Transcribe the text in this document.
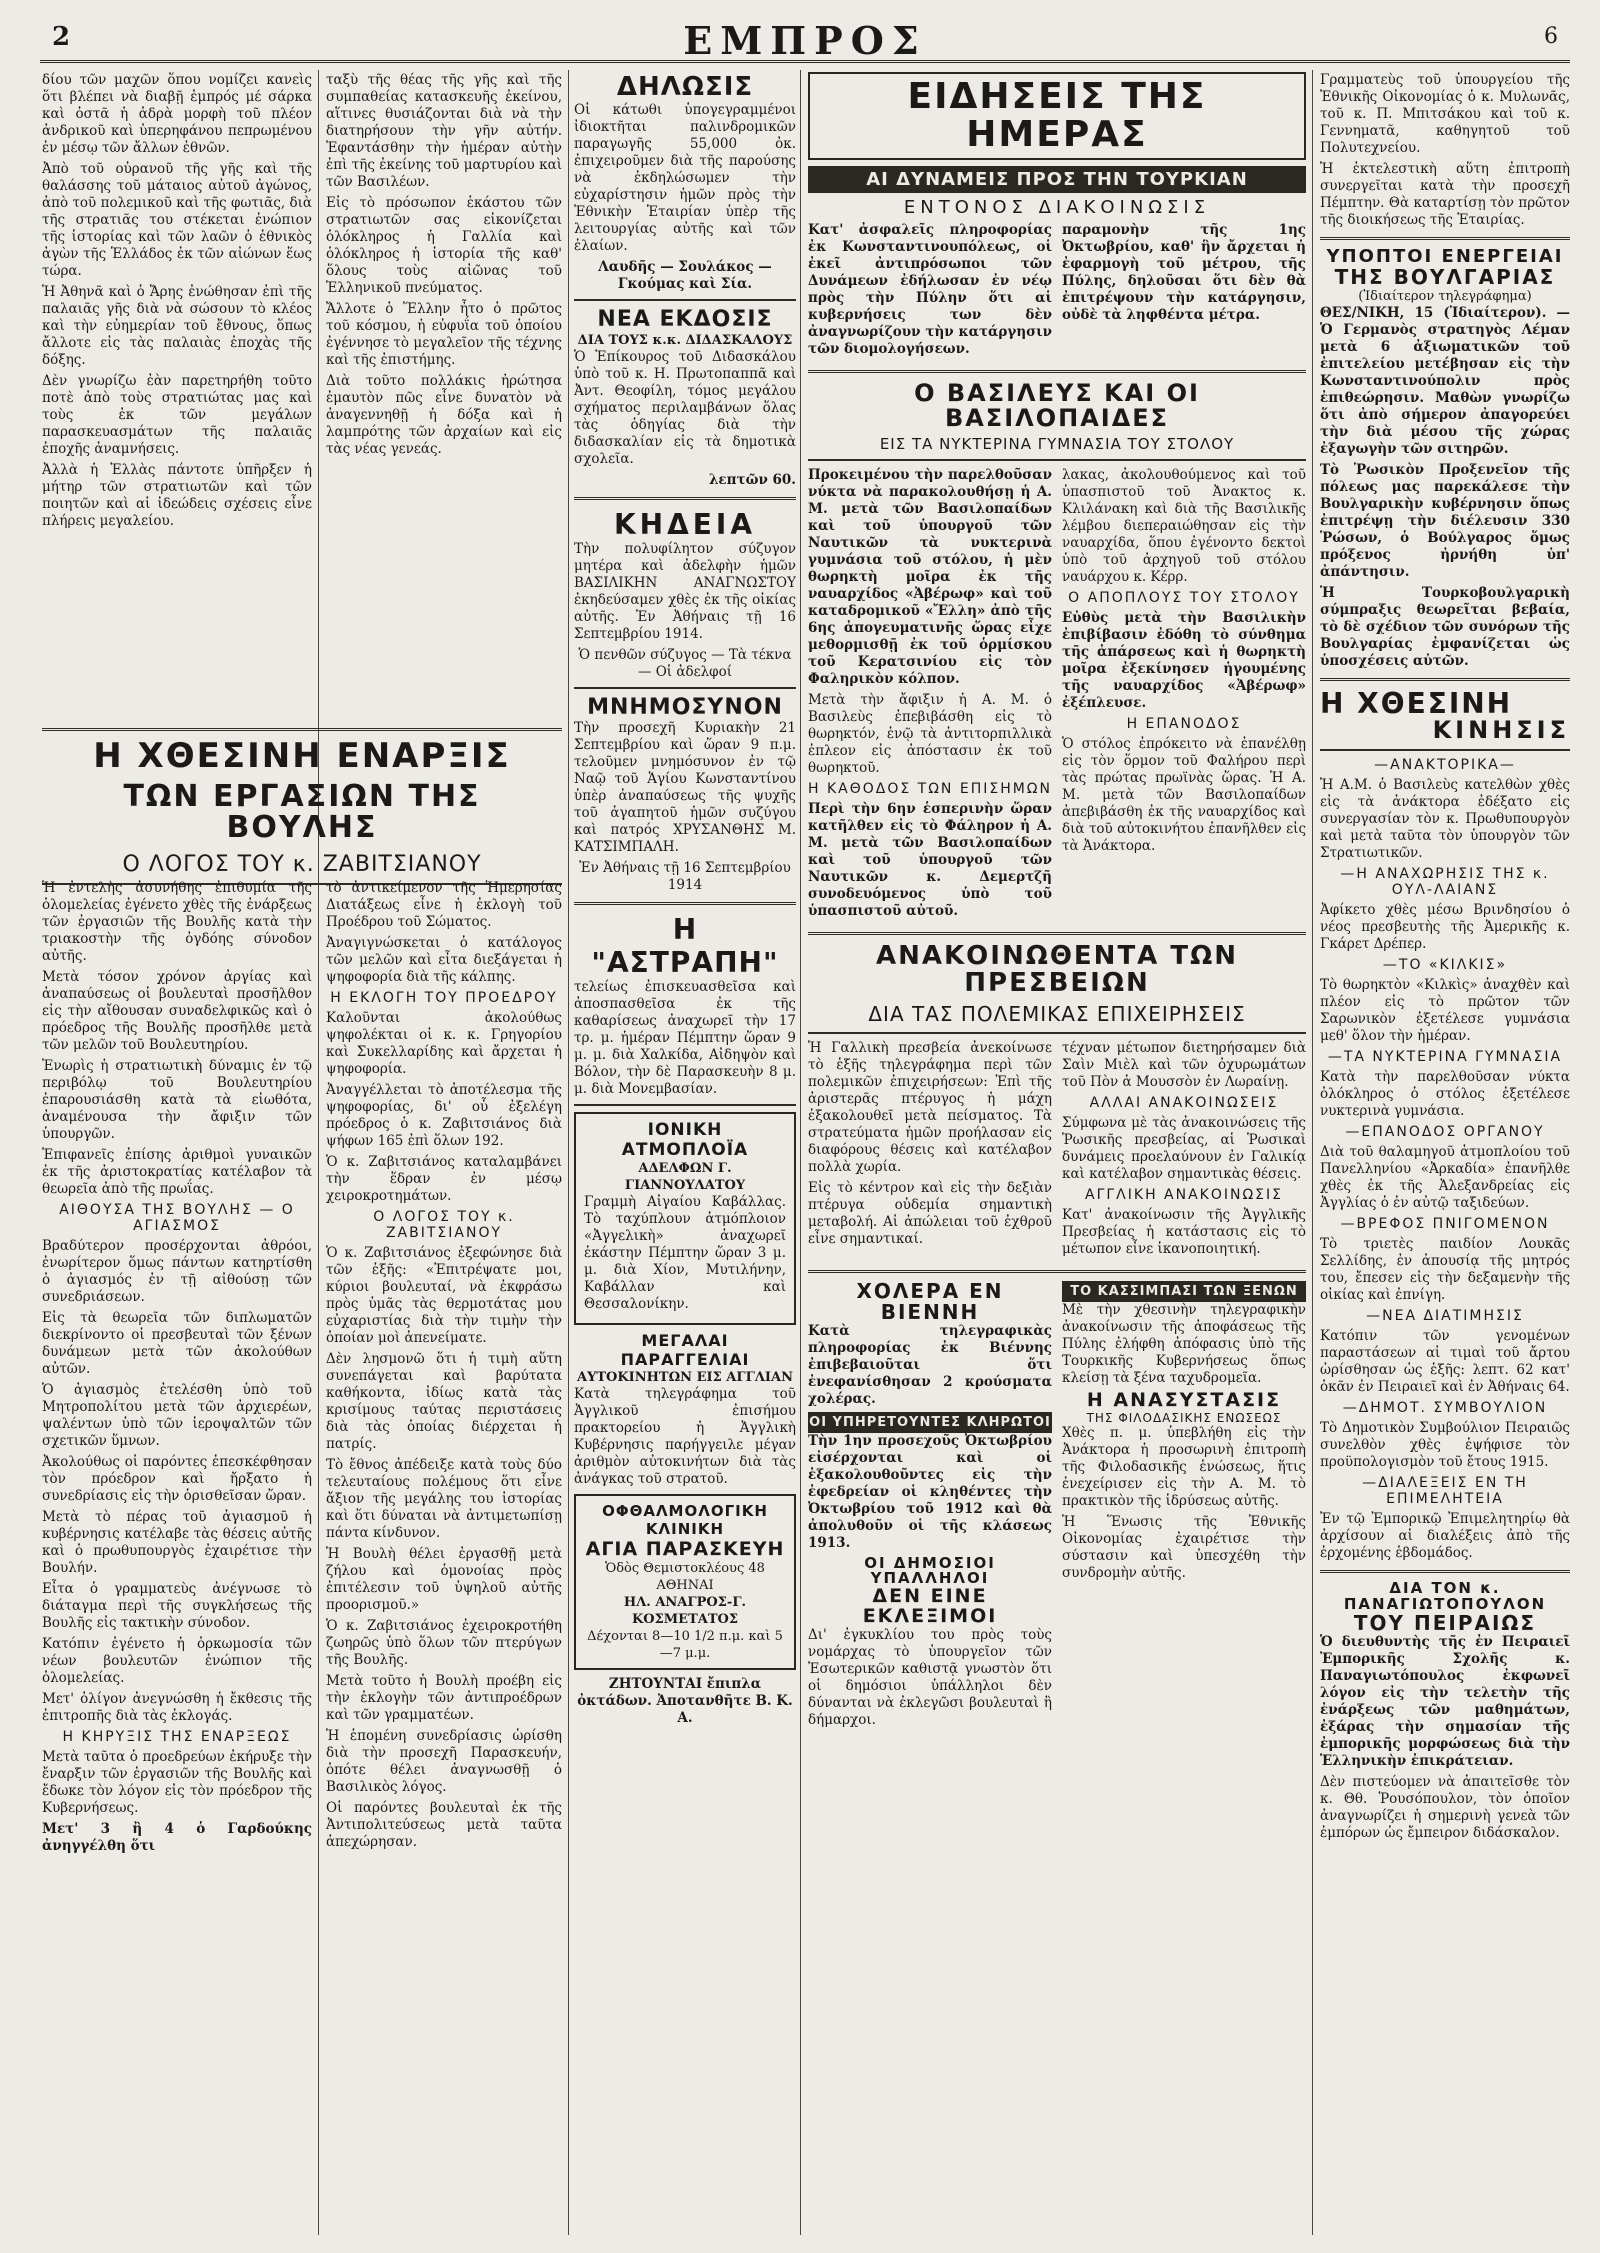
2	ΕΜΠΡΟΣ	6

δίου τῶν μαχῶν ὅπου νομίζει κανεὶς ὅτι βλέπει νὰ διαβῇ ἐμπρός μέ σάρκα καὶ ὀστᾶ ἡ ἁδρὰ μορφὴ τοῦ πλέον ἀνδρικοῦ καὶ ὑπερηφάνου πεπρωμένου ἐν μέσῳ τῶν ἄλλων ἐθνῶν.

Ἀπὸ τοῦ οὐρανοῦ τῆς γῆς καὶ τῆς θαλάσσης τοῦ μάταιος αὐτοῦ ἀγώνος, ἀπὸ τοῦ πολεμικοῦ καὶ τῆς φωτιᾶς, διὰ τῆς στρατιᾶς του στέκεται ἐνώπιον τῆς ἱστορίας καὶ τῶν λαῶν ὁ ἐθνικὸς ἀγὼν τῆς Ἑλλάδος ἐκ τῶν αἰώνων ἕως τώρα.

Ἡ Ἀθηνᾶ καὶ ὁ Ἄρης ἐνώθησαν ἐπὶ τῆς παλαιᾶς γῆς διὰ νὰ σώσουν τὸ κλέος καὶ τὴν εὐημερίαν τοῦ ἔθνους, ὅπως ἄλλοτε εἰς τὰς παλαιὰς ἐποχὰς τῆς δόξης.

Δὲν γνωρίζω ἐὰν παρετηρήθη τοῦτο ποτὲ ἀπὸ τοὺς στρατιώτας μας καὶ τοὺς ἐκ τῶν μεγάλων παρασκευασμάτων τῆς παλαιᾶς ἐποχῆς ἀναμνήσεις.

Ἀλλὰ ἡ Ἑλλὰς πάντοτε ὑπῆρξεν ἡ μήτηρ τῶν στρατιωτῶν καὶ τῶν ποιητῶν καὶ αἱ ἰδεώδεις σχέσεις εἶνε πλήρεις μεγαλείου.

ταξὺ τῆς θέας τῆς γῆς καὶ τῆς συμπαθείας κατασκευῆς ἐκείνου, αἵτινες θυσιάζονται διὰ νὰ τὴν διατηρήσουν τὴν γῆν αὐτήν. Ἐφαντάσθην τὴν ἡμέραν αὐτὴν ἐπὶ τῆς ἐκείνης τοῦ μαρτυρίου καὶ τῶν Βασιλέων.

Εἰς τὸ πρόσωπον ἑκάστου τῶν στρατιωτῶν σας εἰκονίζεται ὁλόκληρος ἡ Γαλλία καὶ ὁλόκληρος ἡ ἱστορία τῆς καθ' ὅλους τοὺς αἰῶνας τοῦ Ἑλληνικοῦ πνεύματος.

Ἄλλοτε ὁ Ἕλλην ἦτο ὁ πρῶτος τοῦ κόσμου, ἡ εὐφυΐα τοῦ ὁποίου ἐγέννησε τὸ μεγαλεῖον τῆς τέχνης καὶ τῆς ἐπιστήμης.

Διὰ τοῦτο πολλάκις ἠρώτησα ἐμαυτὸν πῶς εἶνε δυνατὸν νὰ ἀναγεννηθῇ ἡ δόξα καὶ ἡ λαμπρότης τῶν ἀρχαίων καὶ εἰς τὰς νέας γενεάς.

Η ΧΘΕΣΙΝΗ ΕΝΑΡΞΙΣ
ΤΩΝ ΕΡΓΑΣΙΩΝ ΤΗΣ ΒΟΥΛΗΣ
Ο ΛΟΓΟΣ ΤΟΥ κ. ΖΑΒΙΤΣΙΑΝΟΥ

Ἡ ἐντελὴς ἀσυνήθης ἐπιθυμία τῆς ὁλομελείας ἐγένετο χθὲς τῆς ἐνάρξεως τῶν ἐργασιῶν τῆς Βουλῆς κατὰ τὴν τριακοστὴν τῆς ὀγδόης σύνοδον αὐτῆς.

Μετὰ τόσον χρόνον ἀργίας καὶ ἀναπαύσεως οἱ βουλευταὶ προσῆλθον εἰς τὴν αἴθουσαν συναδελφικῶς καὶ ὁ πρόεδρος τῆς Βουλῆς προσῆλθε μετὰ τῶν μελῶν τοῦ Βουλευτηρίου.

Ἐνωρὶς ἡ στρατιωτικὴ δύναμις ἐν τῷ περιβόλῳ τοῦ Βουλευτηρίου ἐπαρουσιάσθη κατὰ τὰ εἰωθότα, ἀναμένουσα τὴν ἄφιξιν τῶν ὑπουργῶν.

Ἐπιφανεῖς ἐπίσης ἀριθμοὶ γυναικῶν ἐκ τῆς ἀριστοκρατίας κατέλαβον τὰ θεωρεῖα ἀπὸ τῆς πρωΐας.

ΑΙΘΟΥΣΑ ΤΗΣ ΒΟΥΛΗΣ — Ο ΑΓΙΑΣΜΟΣ

Βραδύτερον προσέρχονται ἀθρόοι, ἐνωρίτερον ὅμως πάντων κατηρτίσθη ὁ ἀγιασμός ἐν τῇ αἰθούσῃ τῶν συνεδριάσεων.

Εἰς τὰ θεωρεῖα τῶν διπλωματῶν διεκρίνοντο οἱ πρεσβευταὶ τῶν ξένων δυνάμεων μετὰ τῶν ἀκολούθων αὐτῶν.

Ὁ ἀγιασμὸς ἐτελέσθη ὑπὸ τοῦ Μητροπολίτου μετὰ τῶν ἀρχιερέων, ψαλέντων ὑπὸ τῶν ἱεροψαλτῶν τῶν σχετικῶν ὕμνων.

Ἀκολούθως οἱ παρόντες ἐπεσκέφθησαν τὸν πρόεδρον καὶ ἤρξατο ἡ συνεδρίασις εἰς τὴν ὁρισθεῖσαν ὥραν.

Μετὰ τὸ πέρας τοῦ ἀγιασμοῦ ἡ κυβέρνησις κατέλαβε τὰς θέσεις αὐτῆς καὶ ὁ πρωθυπουργὸς ἐχαιρέτισε τὴν Βουλήν.

Εἶτα ὁ γραμματεὺς ἀνέγνωσε τὸ διάταγμα περὶ τῆς συγκλήσεως τῆς Βουλῆς εἰς τακτικὴν σύνοδον.

Κατόπιν ἐγένετο ἡ ὁρκωμοσία τῶν νέων βουλευτῶν ἐνώπιον τῆς ὁλομελείας.

Μετ' ὀλίγον ἀνεγνώσθη ἡ ἔκθεσις τῆς ἐπιτροπῆς διὰ τὰς ἐκλογάς.

Η ΚΗΡΥΞΙΣ ΤΗΣ ΕΝΑΡΞΕΩΣ

Μετὰ ταῦτα ὁ προεδρεύων ἐκήρυξε τὴν ἔναρξιν τῶν ἐργασιῶν τῆς Βουλῆς καὶ ἔδωκε τὸν λόγον εἰς τὸν πρόεδρον τῆς Κυβερνήσεως.

Μετ' 3 ἢ 4 ὁ Γαρδούκης ἀνηγγέλθη ὅτι

τὸ ἀντικείμενον τῆς Ἡμερησίας Διατάξεως εἶνε ἡ ἐκλογὴ τοῦ Προέδρου τοῦ Σώματος.

Ἀναγιγνώσκεται ὁ κατάλογος τῶν μελῶν καὶ εἶτα διεξάγεται ἡ ψηφοφορία διὰ τῆς κάλπης.

Η ΕΚΛΟΓΗ ΤΟΥ ΠΡΟΕΔΡΟΥ

Καλοῦνται ἀκολούθως ψηφολέκται οἱ κ. κ. Γρηγορίου καὶ Συκελλαρίδης καὶ ἄρχεται ἡ ψηφοφορία.

Ἀναγγέλλεται τὸ ἀποτέλεσμα τῆς ψηφοφορίας, δι' οὗ ἐξελέγη πρόεδρος ὁ κ. Ζαβιτσιάνος διὰ ψήφων 165 ἐπὶ ὅλων 192.

Ὁ κ. Ζαβιτσιάνος καταλαμβάνει τὴν ἕδραν ἐν μέσῳ χειροκροτημάτων.

Ο ΛΟΓΟΣ ΤΟΥ κ. ΖΑΒΙΤΣΙΑΝΟΥ

Ὁ κ. Ζαβιτσιάνος ἐξεφώνησε διὰ τῶν ἑξῆς: «Ἐπιτρέψατε μοι, κύριοι βουλευταί, νὰ ἐκφράσω πρὸς ὑμᾶς τὰς θερμοτάτας μου εὐχαριστίας διὰ τὴν τιμὴν τὴν ὁποίαν μοὶ ἀπενείματε.

Δὲν λησμονῶ ὅτι ἡ τιμὴ αὕτη συνεπάγεται καὶ βαρύτατα καθήκοντα, ἰδίως κατὰ τὰς κρισίμους ταύτας περιστάσεις διὰ τὰς ὁποίας διέρχεται ἡ πατρίς.

Τὸ ἔθνος ἀπέδειξε κατὰ τοὺς δύο τελευταίους πολέμους ὅτι εἶνε ἄξιον τῆς μεγάλης του ἱστορίας καὶ ὅτι δύναται νὰ ἀντιμετωπίσῃ πάντα κίνδυνον.

Ἡ Βουλὴ θέλει ἐργασθῇ μετὰ ζήλου καὶ ὁμονοίας πρὸς ἐπιτέλεσιν τοῦ ὑψηλοῦ αὐτῆς προορισμοῦ.»

Ὁ κ. Ζαβιτσιάνος ἐχειροκροτήθη ζωηρῶς ὑπὸ ὅλων τῶν πτερύγων τῆς Βουλῆς.

Μετὰ τοῦτο ἡ Βουλὴ προέβη εἰς τὴν ἐκλογὴν τῶν ἀντιπροέδρων καὶ τῶν γραμματέων.

Ἡ ἑπομένη συνεδρίασις ὡρίσθη διὰ τὴν προσεχῆ Παρασκευήν, ὁπότε θέλει ἀναγνωσθῇ ὁ Βασιλικὸς λόγος.

Οἱ παρόντες βουλευταὶ ἐκ τῆς Ἀντιπολιτεύσεως μετὰ ταῦτα ἀπεχώρησαν.

ΔΗΛΩΣΙΣ

Οἱ κάτωθι ὑπογεγραμμένοι ἰδιοκτῆται παλινδρομικῶν παραγωγῆς 55,000 ὀκ. ἐπιχειροῦμεν διὰ τῆς παρούσης νὰ ἐκδηλώσωμεν τὴν εὐχαρίστησιν ἡμῶν πρὸς τὴν Ἐθνικὴν Ἑταιρίαν ὑπὲρ τῆς λειτουργίας αὐτῆς καὶ τῶν ἐλαίων.

Λαυδῆς — Σουλάκος — Γκούμας καὶ Σία.

ΝΕΑ ΕΚΔΟΣΙΣ
ΔΙΑ ΤΟΥΣ κ.κ. ΔΙΔΑΣΚΑΛΟΥΣ

Ὁ Ἐπίκουρος τοῦ Διδασκάλου ὑπὸ τοῦ κ. Η. Πρωτοπαππᾶ καὶ Ἀντ. Θεοφίλη, τόμος μεγάλου σχήματος περιλαμβάνων ὅλας τὰς ὁδηγίας διὰ τὴν διδασκαλίαν εἰς τὰ δημοτικὰ σχολεῖα.

λεπτῶν 60.

ΚΗΔΕΙΑ

Τὴν πολυφίλητον σύζυγον μητέρα καὶ ἀδελφὴν ἡμῶν ΒΑΣΙΛΙΚΗΝ ΑΝΑΓΝΩΣΤΟΥ ἐκηδεύσαμεν χθὲς ἐκ τῆς οἰκίας αὐτῆς. Ἐν Ἀθήναις τῇ 16 Σεπτεμβρίου 1914.

Ὁ πενθῶν σύζυγος — Τὰ τέκνα — Οἱ ἀδελφοί

ΜΝΗΜΟΣΥΝΟΝ

Τὴν προσεχῆ Κυριακὴν 21 Σεπτεμβρίου καὶ ὥραν 9 π.μ. τελοῦμεν μνημόσυνον ἐν τῷ Ναῷ τοῦ Ἁγίου Κωνσταντίνου ὑπὲρ ἀναπαύσεως τῆς ψυχῆς τοῦ ἀγαπητοῦ ἡμῶν συζύγου καὶ πατρός ΧΡΥΣΑΝΘΗΣ Μ. ΚΑΤΣΙΜΠΑΛΗ.

Ἐν Ἀθήναις τῇ 16 Σεπτεμβρίου 1914

Η "ΑΣΤΡΑΠΗ"

τελείως ἐπισκευασθεῖσα καὶ ἀποσπασθεῖσα ἐκ τῆς καθαρίσεως ἀναχωρεῖ τὴν 17 τρ. μ. ἡμέραν Πέμπτην ὥραν 9 μ. μ. διὰ Χαλκίδα, Αἰδηψὸν καὶ Βόλον, τὴν δὲ Παρασκευὴν 8 μ. μ. διὰ Μονεμβασίαν.

ΙΟΝΙΚΗ ΑΤΜΟΠΛΟΪΑ
ΑΔΕΛΦΩΝ Γ. ΓΙΑΝΝΟΥΛΑΤΟΥ

Γραμμὴ Αἰγαίου Καβάλλας. Τὸ ταχύπλουν ἀτμόπλοιον «Ἀγγελικὴ» ἀναχωρεῖ ἐκάστην Πέμπτην ὥραν 3 μ. μ. διὰ Χίον, Μυτιλήνην, Καβάλλαν καὶ Θεσσαλονίκην.

ΜΕΓΑΛΑΙ ΠΑΡΑΓΓΕΛΙΑΙ
ΑΥΤΟΚΙΝΗΤΩΝ ΕΙΣ ΑΓΓΛΙΑΝ

Κατὰ τηλεγράφημα τοῦ Ἀγγλικοῦ ἐπισήμου πρακτορείου ἡ Ἀγγλικὴ Κυβέρνησις παρήγγειλε μέγαν ἀριθμὸν αὐτοκινήτων διὰ τὰς ἀνάγκας τοῦ στρατοῦ.

ΟΦΘΑΛΜΟΛΟΓΙΚΗ ΚΛΙΝΙΚΗ
ΑΓΙΑ ΠΑΡΑΣΚΕΥΗ
Ὁδὸς Θεμιστοκλέους 48
ΑΘΗΝΑΙ
ΗΛ. ΑΝΑΓΡΟΣ-Γ. ΚΟΣΜΕΤΑΤΟΣ
Δέχονται 8—10 1/2 π.μ. καὶ 5—7 μ.μ.

ΖΗΤΟΥΝΤΑΙ ἔπιπλα ὀκτάδων. Ἀποτανθῆτε Β. Κ. Α.

ΕΙΔΗΣΕΙΣ ΤΗΣ ΗΜΕΡΑΣ
ΑΙ ΔΥΝΑΜΕΙΣ ΠΡΟΣ ΤΗΝ ΤΟΥΡΚΙΑΝ
ΕΝΤΟΝΟΣ ΔΙΑΚΟΙΝΩΣΙΣ

Κατ' ἀσφαλεῖς πληροφορίας ἐκ Κωνσταντινουπόλεως, οἱ ἐκεῖ ἀντιπρόσωποι τῶν Δυνάμεων ἐδήλωσαν ἐν νέῳ πρὸς τὴν Πύλην ὅτι αἱ κυβερνήσεις των δὲν ἀναγνωρίζουν τὴν κατάργησιν τῶν διομολογήσεων.

παραμονὴν τῆς 1ης Ὀκτωβρίου, καθ' ἣν ἄρχεται ἡ ἐφαρμογὴ τοῦ μέτρου, τῆς Πύλης, δηλοῦσαι ὅτι δὲν θὰ ἐπιτρέψουν τὴν κατάργησιν, οὐδὲ τὰ ληφθέντα μέτρα.

Ο ΒΑΣΙΛΕΥΣ ΚΑΙ ΟΙ ΒΑΣΙΛΟΠΑΙΔΕΣ
ΕΙΣ ΤΑ ΝΥΚΤΕΡΙΝΑ ΓΥΜΝΑΣΙΑ ΤΟΥ ΣΤΟΛΟΥ

Προκειμένου τὴν παρελθοῦσαν νύκτα νὰ παρακολουθήσῃ ἡ Α. Μ. μετὰ τῶν Βασιλοπαίδων καὶ τοῦ ὑπουργοῦ τῶν Ναυτικῶν τὰ νυκτερινὰ γυμνάσια τοῦ στόλου, ἡ μὲν θωρηκτὴ μοῖρα ἐκ τῆς ναυαρχίδος «Ἀβέρωφ» καὶ τοῦ καταδρομικοῦ «Ἔλλη» ἀπὸ τῆς 6ης ἀπογευματινῆς ὥρας εἶχε μεθορμισθῇ ἐκ τοῦ ὁρμίσκου τοῦ Κερατσινίου εἰς τὸν Φαληρικὸν κόλπον.

Μετὰ τὴν ἄφιξιν ἡ Α. Μ. ὁ Βασιλεὺς ἐπεβιβάσθη εἰς τὸ θωρηκτόν, ἐνῷ τὰ ἀντιτορπιλλικὰ ἐπλεον εἰς ἀπόστασιν ἐκ τοῦ θωρηκτοῦ.

Η ΚΑΘΟΔΟΣ ΤΩΝ ΕΠΙΣΗΜΩΝ

Περὶ τὴν 6ην ἑσπερινὴν ὥραν κατῆλθεν εἰς τὸ Φάληρον ἡ Α. Μ. μετὰ τῶν Βασιλοπαίδων καὶ τοῦ ὑπουργοῦ τῶν Ναυτικῶν κ. Δεμερτζῆ συνοδευόμενος ὑπὸ τοῦ ὑπασπιστοῦ αὐτοῦ.

λακας, ἀκολουθούμενος καὶ τοῦ ὑπασπιστοῦ τοῦ Ἀνακτος κ. Κλιλάνακη καὶ διὰ τῆς Βασιλικῆς λέμβου διεπεραιώθησαν εἰς τὴν ναυαρχίδα, ὅπου ἐγένοντο δεκτοὶ ὑπὸ τοῦ ἀρχηγοῦ τοῦ στόλου ναυάρχου κ. Κέρρ.

Ο ΑΠΟΠΛΟΥΣ ΤΟΥ ΣΤΟΛΟΥ

Εὐθὺς μετὰ τὴν Βασιλικὴν ἐπιβίβασιν ἐδόθη τὸ σύνθημα τῆς ἀπάρσεως καὶ ἡ θωρηκτὴ μοῖρα ἐξεκίνησεν ἡγουμένης τῆς ναυαρχίδος «Ἀβέρωφ» ἐξέπλευσε.

Η ΕΠΑΝΟΔΟΣ

Ὁ στόλος ἐπρόκειτο νὰ ἐπανέλθῃ εἰς τὸν ὅρμον τοῦ Φαλήρου περὶ τὰς πρώτας πρωϊνὰς ὥρας. Ἡ Α. Μ. μετὰ τῶν Βασιλοπαίδων ἀπεβιβάσθη ἐκ τῆς ναυαρχίδος καὶ διὰ τοῦ αὐτοκινήτου ἐπανῆλθεν εἰς τὰ Ἀνάκτορα.

ΑΝΑΚΟΙΝΩΘΕΝΤΑ ΤΩΝ ΠΡΕΣΒΕΙΩΝ
ΔΙΑ ΤΑΣ ΠΟΛΕΜΙΚΑΣ ΕΠΙΧΕΙΡΗΣΕΙΣ

Ἡ Γαλλικὴ πρεσβεία ἀνεκοίνωσε τὸ ἑξῆς τηλεγράφημα περὶ τῶν πολεμικῶν ἐπιχειρήσεων: Ἐπὶ τῆς ἀριστερᾶς πτέρυγος ἡ μάχη ἐξακολουθεῖ μετὰ πείσματος. Τὰ στρατεύματα ἡμῶν προήλασαν εἰς διαφόρους θέσεις καὶ κατέλαβον πολλὰ χωρία.

Εἰς τὸ κέντρον καὶ εἰς τὴν δεξιὰν πτέρυγα οὐδεμία σημαντικὴ μεταβολή. Αἱ ἀπώλειαι τοῦ ἐχθροῦ εἶνε σημαντικαί.

τέχναν μέτωπον διετηρήσαμεν διὰ Σαὶν Μιὲλ καὶ τῶν ὀχυρωμάτων τοῦ Πὸν ἁ Μουσσὸν ἐν Λωραίνῃ.

ΑΛΛΑΙ ΑΝΑΚΟΙΝΩΣΕΙΣ

Σύμφωνα μὲ τὰς ἀνακοινώσεις τῆς Ῥωσικῆς πρεσβείας, αἱ Ῥωσικαὶ δυνάμεις προελαύνουν ἐν Γαλικίᾳ καὶ κατέλαβον σημαντικὰς θέσεις.

ΑΓΓΛΙΚΗ ΑΝΑΚΟΙΝΩΣΙΣ

Κατ' ἀνακοίνωσιν τῆς Ἀγγλικῆς Πρεσβείας ἡ κατάστασις εἰς τὸ μέτωπον εἶνε ἱκανοποιητική.

ΧΟΛΕΡΑ ΕΝ ΒΙΕΝΝΗ

Κατὰ τηλεγραφικὰς πληροφορίας ἐκ Βιέννης ἐπιβεβαιοῦται ὅτι ἐνεφανίσθησαν 2 κρούσματα χολέρας.

ΟΙ ΥΠΗΡΕΤΟΥΝΤΕΣ ΚΛΗΡΩΤΟΙ

Τὴν 1ην προσεχοῦς Ὀκτωβρίου εἰσέρχονται καὶ οἱ ἐξακολουθοῦντες εἰς τὴν ἐφεδρείαν οἱ κληθέντες τὴν Ὀκτωβρίου τοῦ 1912 καὶ θὰ ἀπολυθοῦν οἱ τῆς κλάσεως 1913.

ΟΙ ΔΗΜΟΣΙΟΙ ΥΠΑΛΛΗΛΟΙ
ΔΕΝ ΕΙΝΕ ΕΚΛΕΞΙΜΟΙ

Δι' ἐγκυκλίου του πρὸς τοὺς νομάρχας τὸ ὑπουργεῖον τῶν Ἐσωτερικῶν καθιστᾷ γνωστὸν ὅτι οἱ δημόσιοι ὑπάλληλοι δὲν δύνανται νὰ ἐκλεγῶσι βουλευταὶ ἢ δήμαρχοι.

ΤΟ ΚΑΣΣΙΜΠΑΣΙ ΤΩΝ ΞΕΝΩΝ

Μὲ τὴν χθεσινὴν τηλεγραφικὴν ἀνακοίνωσιν τῆς ἀποφάσεως τῆς Πύλης ἐλήφθη ἀπόφασις ὑπὸ τῆς Τουρκικῆς Κυβερνήσεως ὅπως κλείσῃ τὰ ξένα ταχυδρομεῖα.

Η ΑΝΑΣΥΣΤΑΣΙΣ
ΤΗΣ ΦΙΛΟΔΑΣΙΚΗΣ ΕΝΩΣΕΩΣ

Χθὲς π. μ. ὑπεβλήθη εἰς τὴν Ἀνάκτορα ἡ προσωρινὴ ἐπιτροπὴ τῆς Φιλοδασικῆς ἑνώσεως, ἥτις ἐνεχείρισεν εἰς τὴν Α. Μ. τὸ πρακτικὸν τῆς ἱδρύσεως αὐτῆς.

Ἡ Ἕνωσις τῆς Ἐθνικῆς Οἰκονομίας ἐχαιρέτισε τὴν σύστασιν καὶ ὑπεσχέθη τὴν συνδρομὴν αὐτῆς.

Γραμματεὺς τοῦ ὑπουργείου τῆς Ἐθνικῆς Οἰκονομίας ὁ κ. Μυλωνᾶς, τοῦ κ. Π. Μπιτσάκου καὶ τοῦ κ. Γεννηματᾶ, καθηγητοῦ τοῦ Πολυτεχνείου.

Ἡ ἐκτελεστικὴ αὕτη ἐπιτροπὴ συνεργεῖται κατὰ τὴν προσεχῆ Πέμπτην. Θὰ καταρτίσῃ τὸν πρῶτον τῆς διοικήσεως τῆς Ἑταιρίας.

ΥΠΟΠΤΟΙ ΕΝΕΡΓΕΙΑΙ
ΤΗΣ ΒΟΥΛΓΑΡΙΑΣ
(Ἰδιαίτερον τηλεγράφημα)

ΘΕΣ/ΝΙΚΗ, 15 (Ἰδιαίτερον). — Ὁ Γερμανὸς στρατηγὸς Λέμαν μετὰ 6 ἀξιωματικῶν τοῦ ἐπιτελείου μετέβησαν εἰς τὴν Κωνσταντινούπολιν πρὸς ἐπιθεώρησιν. Μαθὼν γνωρίζω ὅτι ἀπὸ σήμερον ἀπαγορεύει τὴν διὰ μέσου τῆς χώρας ἐξαγωγὴν τῶν σιτηρῶν.

Τὸ Ῥωσικὸν Προξενεῖον τῆς πόλεως μας παρεκάλεσε τὴν Βουλγαρικὴν κυβέρνησιν ὅπως ἐπιτρέψῃ τὴν διέλευσιν 330 Ῥώσων, ὁ Βούλγαρος ὅμως πρόξενος ἠρνήθη ὑπ' ἀπάντησιν.

Ἡ Τουρκοβουλγαρικὴ σύμπραξις θεωρεῖται βεβαία, τὸ δὲ σχέδιον τῶν συνόρων τῆς Βουλγαρίας ἐμφανίζεται ὡς ὑποσχέσεις αὐτῶν.

Η ΧΘΕΣΙΝΗ
ΚΙΝΗΣΙΣ
—ΑΝΑΚΤΟΡΙΚΑ—

Ἡ Α.Μ. ὁ Βασιλεὺς κατελθὼν χθὲς εἰς τὰ ἀνάκτορα ἐδέξατο εἰς συνεργασίαν τὸν κ. Πρωθυπουργὸν καὶ μετὰ ταῦτα τὸν ὑπουργὸν τῶν Στρατιωτικῶν.

—Η ΑΝΑΧΩΡΗΣΙΣ ΤΗΣ κ. ΟΥΛ-ΛΑΙΑΝΣ

Ἀφίκετο χθὲς μέσω Βρινδησίου ὁ νέος πρεσβευτὴς τῆς Ἀμερικῆς κ. Γκάρετ Δρέπερ.

—ΤΟ «ΚΙΛΚΙΣ»

Τὸ θωρηκτὸν «Κιλκὶς» ἀναχθὲν καὶ πλέον εἰς τὸ πρῶτον τῶν Σαρωνικὸν ἐξετέλεσε γυμνάσια μεθ' ὅλον τὴν ἡμέραν.

—ΤΑ ΝΥΚΤΕΡΙΝΑ ΓΥΜΝΑΣΙΑ

Κατὰ τὴν παρελθοῦσαν νύκτα ὁλόκληρος ὁ στόλος ἐξετέλεσε νυκτερινὰ γυμνάσια.

—ΕΠΑΝΟΔΟΣ ΟΡΓΑΝΟΥ

Διὰ τοῦ θαλαμηγοῦ ἀτμοπλοίου τοῦ Πανελληνίου «Ἀρκαδία» ἐπανῆλθε χθὲς ἐκ τῆς Ἀλεξανδρείας εἰς Ἀγγλίας ὁ ἐν αὐτῷ ταξιδεύων.

—ΒΡΕΦΟΣ ΠΝΙΓΟΜΕΝΟΝ

Τὸ τριετὲς παιδίον Λουκᾶς Σελλίδης, ἐν ἀπουσίᾳ τῆς μητρός του, ἔπεσεν εἰς τὴν δεξαμενὴν τῆς οἰκίας καὶ ἐπνίγη.

—ΝΕΑ ΔΙΑΤΙΜΗΣΙΣ

Κατόπιν τῶν γενομένων παραστάσεων αἱ τιμαὶ τοῦ ἄρτου ὡρίσθησαν ὡς ἑξῆς: λεπτ. 62 κατ' ὀκᾶν ἐν Πειραιεῖ καὶ ἐν Ἀθήναις 64.

—ΔΗΜΟΤ. ΣΥΜΒΟΥΛΙΟΝ

Τὸ Δημοτικὸν Συμβούλιον Πειραιῶς συνελθὸν χθὲς ἐψήφισε τὸν προϋπολογισμὸν τοῦ ἔτους 1915.

—ΔΙΑΛΕΞΕΙΣ ΕΝ ΤΗ ΕΠΙΜΕΛΗΤΕΙΑ

Ἐν τῷ Ἐμπορικῷ Ἐπιμελητηρίῳ θὰ ἀρχίσουν αἱ διαλέξεις ἀπὸ τῆς ἐρχομένης ἑβδομάδος.

ΔΙΑ ΤΟΝ κ. ΠΑΝΑΓΙΩΤΟΠΟΥΛΟΝ
ΤΟΥ ΠΕΙΡΑΙΩΣ

Ὁ διευθυντὴς τῆς ἐν Πειραιεῖ Ἐμπορικῆς Σχολῆς κ. Παναγιωτόπουλος ἐκφωνεῖ λόγον εἰς τὴν τελετὴν τῆς ἐνάρξεως τῶν μαθημάτων, ἐξάρας τὴν σημασίαν τῆς ἐμπορικῆς μορφώσεως διὰ τὴν Ἑλληνικὴν ἐπικράτειαν.

Δὲν πιστεύομεν νὰ ἀπαιτεῖσθε τὸν κ. Θθ. Ῥουσόπουλον, τὸν ὁποῖον ἀναγνωρίζει ἡ σημερινὴ γενεὰ τῶν ἐμπόρων ὡς ἔμπειρον διδάσκαλον.
